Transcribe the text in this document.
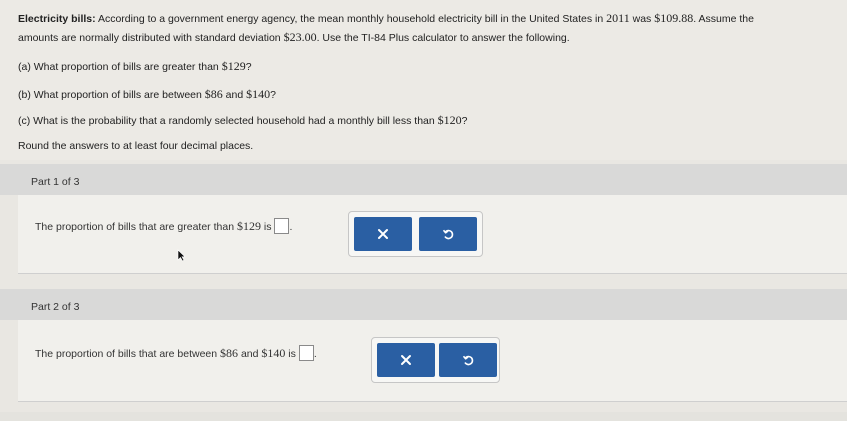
Electricity bills: According to a government energy agency, the mean monthly household electricity bill in the United States in 2011 was $109.88. Assume the
amounts are normally distributed with standard deviation $23.00. Use the TI-84 Plus calculator to answer the following.
(a) What proportion of bills are greater than $129?
(b) What proportion of bills are between $86 and $140?
(c) What is the probability that a randomly selected household had a monthly bill less than $120?
Round the answers to at least four decimal places.
Part 1 of 3
The proportion of bills that are greater than $129 is .
Part 2 of 3
The proportion of bills that are between $86 and $140 is .
